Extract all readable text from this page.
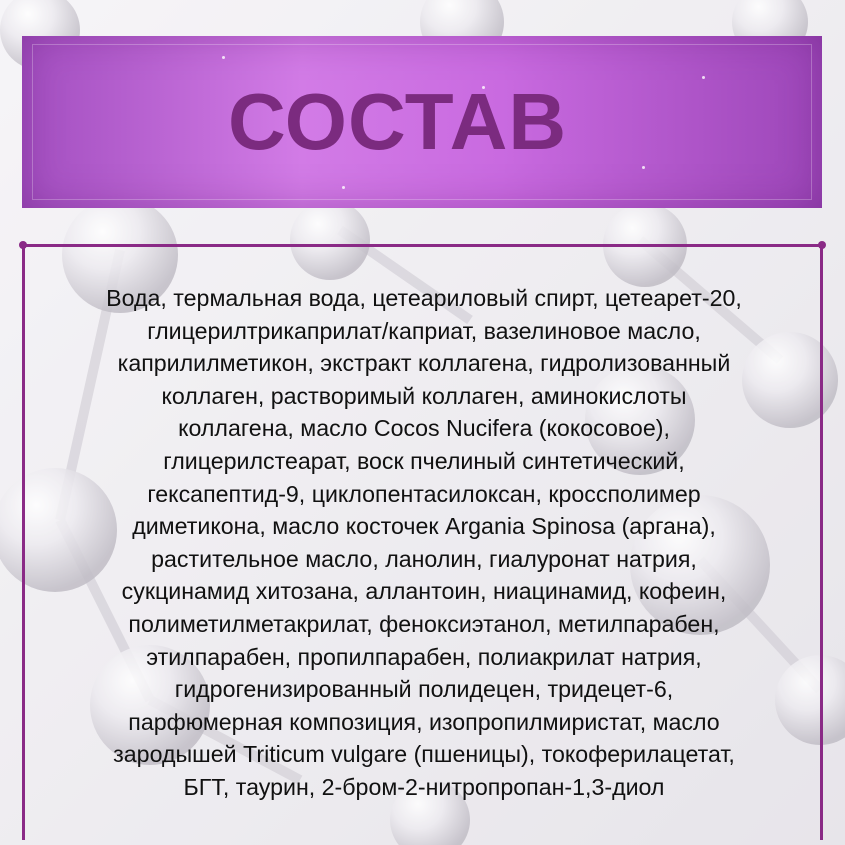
СОСТАВ
Вода, термальная вода, цетеариловый спирт, цетеарет-20,
глицерилтрикаприлат/каприат, вазелиновое масло,
каприлилметикон, экстракт коллагена, гидролизованный
коллаген, растворимый коллаген, аминокислоты
коллагена, масло Cocos Nucifera (кокосовое),
глицерилстеарат, воск пчелиный синтетический,
гексапептид-9, циклопентасилоксан, кроссполимер
диметикона, масло косточек Argania Spinosa (аргана),
растительное масло, ланолин, гиалуронат натрия,
сукцинамид хитозана, аллантоин, ниацинамид, кофеин,
полиметилметакрилат, феноксиэтанол, метилпарабен,
этилпарабен, пропилпарабен, полиакрилат натрия,
гидрогенизированный полидецен, тридецет-6,
парфюмерная композиция, изопропилмиристат, масло
зародышей Triticum vulgare (пшеницы), токоферилацетат,
БГТ, таурин, 2-бром-2-нитропропан-1,3-диол
